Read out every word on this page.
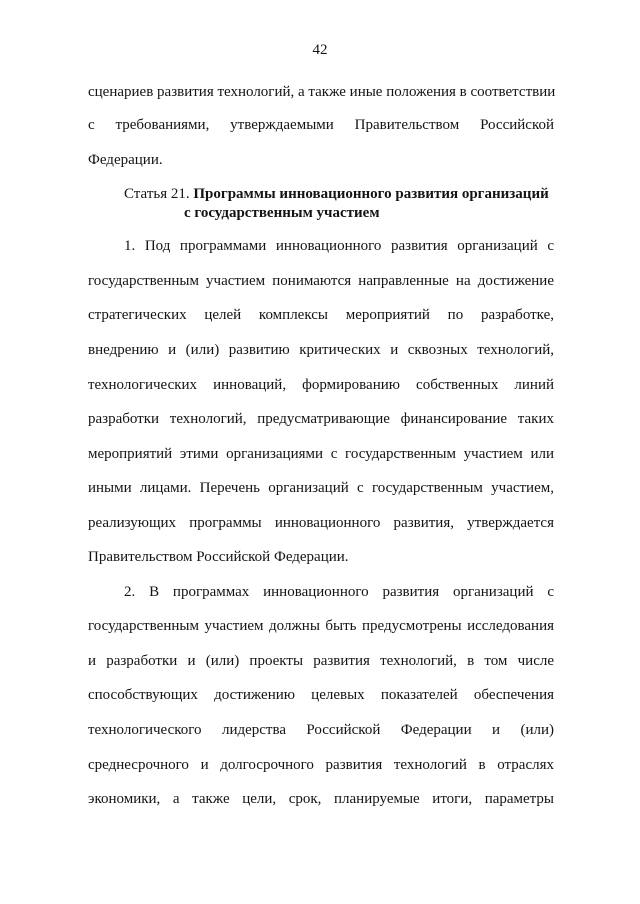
42
сценариев развития технологий, а также иные положения в соответствии
с требованиями, утверждаемыми Правительством Российской
Федерации.
Статья 21. Программы инновационного развития организаций
с государственным участием
1. Под программами инновационного развития организаций с
государственным участием понимаются направленные на достижение
стратегических целей комплексы мероприятий по разработке,
внедрению и (или) развитию критических и сквозных технологий,
технологических инноваций, формированию собственных линий
разработки технологий, предусматривающие финансирование таких
мероприятий этими организациями с государственным участием или
иными лицами. Перечень организаций с государственным участием,
реализующих программы инновационного развития, утверждается
Правительством Российской Федерации.
2. В программах инновационного развития организаций с
государственным участием должны быть предусмотрены исследования
и разработки и (или) проекты развития технологий, в том числе
способствующих достижению целевых показателей обеспечения
технологического лидерства Российской Федерации и (или)
среднесрочного и долгосрочного развития технологий в отраслях
экономики, а также цели, срок, планируемые итоги, параметры
